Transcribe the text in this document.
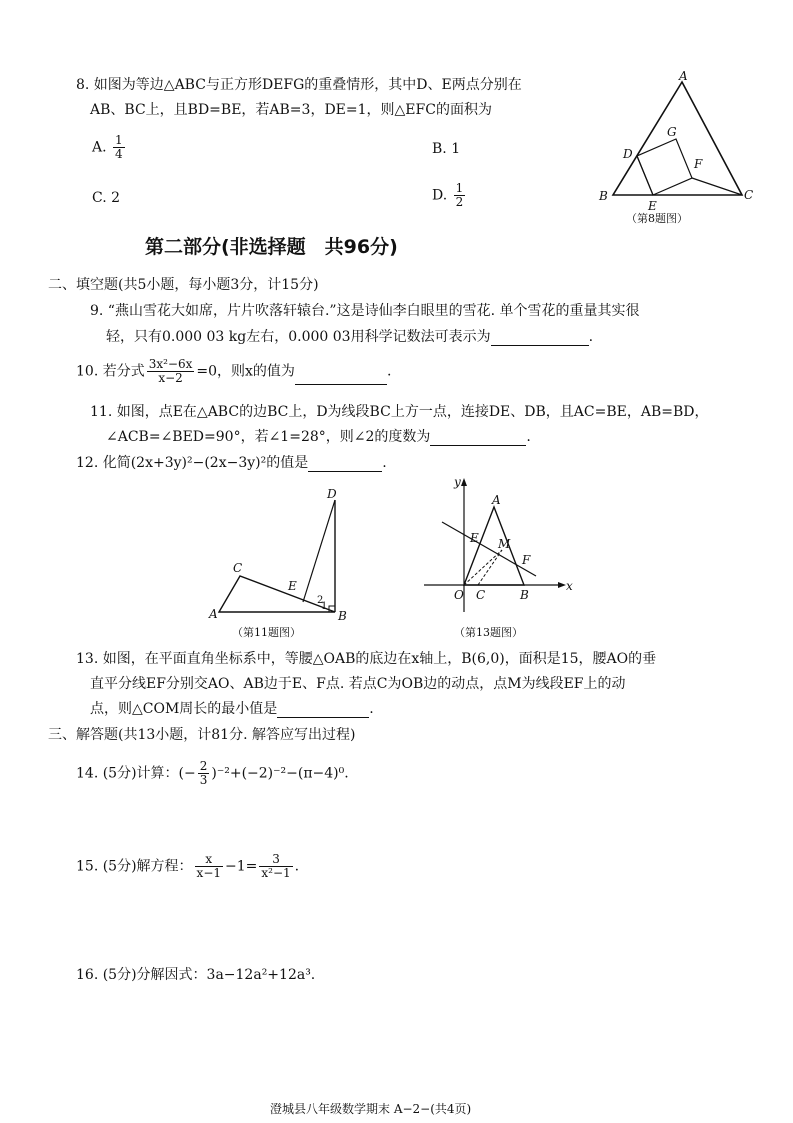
8. 如图为等边△ABC与正方形DEFG的重叠情形，其中D、E两点分别在
AB、BC上，且BD=BE，若AB=3，DE=1，则△EFC的面积为
A. $\frac{1}{4}$	B. 1
C. 2	D. $\frac{1}{2}$
A
B	C
D
E
F
G
（第8题图）
第二部分(非选择题　共96分)
二、填空题(共5小题，每小题3分，计15分)
9. “燕山雪花大如席，片片吹落轩辕台.”这是诗仙李白眼里的雪花. 单个雪花的重量其实很
轻，只有0.000 03 kg左右，0.000 03用科学记数法可表示为	.
10. 若分式 $\frac{\text{3x²−6x}}{x-2} =0$，则x的值为	.
11. 如图，点E在△ABC的边BC上，D为线段BC上方一点，连接DE、DB，且AC=BE，AB=BD，
∠ACB=∠BED=90°，若∠1=28°，则∠2的度数为	.
12. 化简(2x+3y)²−(2x−3y)²的值是	.
A	B
C
D
E
1
2
（第11题图）
y
x
O
A
B
C
E
F
M
（第13题图）
13. 如图，在平面直角坐标系中，等腰△OAB的底边在x轴上，B(6,0)，面积是15，腰AO的垂
直平分线EF分别交AO、AB边于E、F点. 若点C为OB边的动点，点M为线段EF上的动
点，则△COM周长的最小值是	.
三、解答题(共13小题，计81分. 解答应写出过程)
14. (5分)计算：(− $\frac{2}{3} )^{-2}+(-2)^{-2}-(\pi-4)^0$.
15. (5分)解方程： $\frac{x}{x-1} -1= \frac{3}{\text{x²−1}}$ .
16. (5分)分解因式：3a−12a²+12a³.
澄城县八年级数学期末 A−2−(共4页)
